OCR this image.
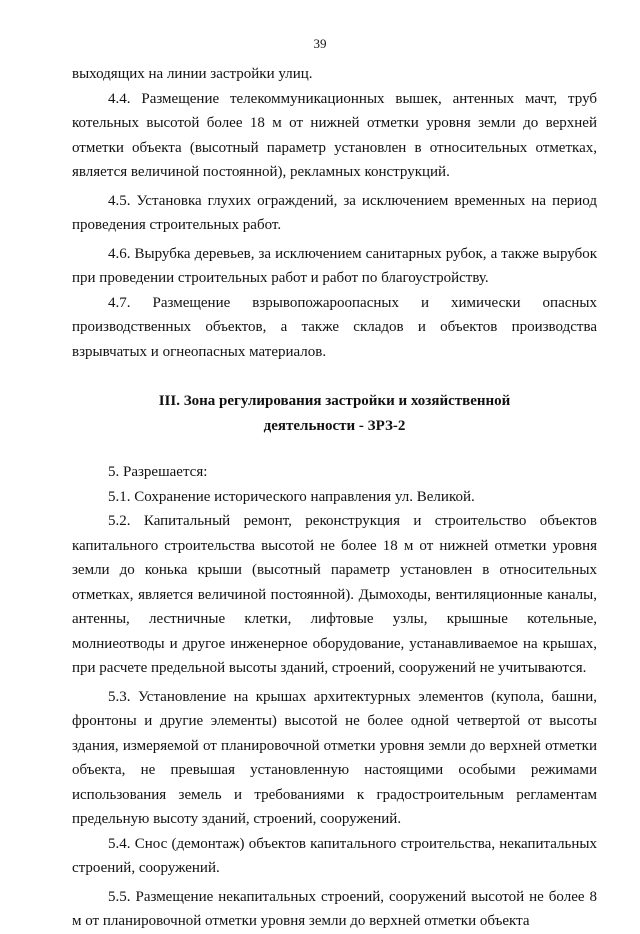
39

выходящих на линии застройки улиц.

4.4. Размещение телекоммуникационных вышек, антенных мачт, труб котельных высотой более 18 м от нижней отметки уровня земли до верхней отметки объекта (высотный параметр установлен в относительных отметках, является величиной постоянной), рекламных конструкций.

4.5. Установка глухих ограждений, за исключением временных на период проведения строительных работ.

4.6. Вырубка деревьев, за исключением санитарных рубок, а также вырубок при проведении строительных работ и работ по благоустройству.

4.7. Размещение взрывопожароопасных и химически опасных производственных объектов, а также складов и объектов производства взрывчатых и огнеопасных материалов.

III. Зона регулирования застройки и хозяйственной
деятельности - ЗРЗ-2

5. Разрешается:

5.1. Сохранение исторического направления ул. Великой.

5.2. Капитальный ремонт, реконструкция и строительство объектов капитального строительства высотой не более 18 м от нижней отметки уровня земли до конька крыши (высотный параметр установлен в относительных отметках, является величиной постоянной). Дымоходы, вентиляционные каналы, антенны, лестничные клетки, лифтовые узлы, крышные котельные, молниеотводы и другое инженерное оборудование, устанавливаемое на крышах, при расчете предельной высоты зданий, строений, сооружений не учитываются.

5.3. Установление на крышах архитектурных элементов (купола, башни, фронтоны и другие элементы) высотой не более одной четвертой от высоты здания, измеряемой от планировочной отметки уровня земли до верхней отметки объекта, не превышая установленную настоящими особыми режимами использования земель и требованиями к градостроительным регламентам предельную высоту зданий, строений, сооружений.

5.4. Снос (демонтаж) объектов капитального строительства, некапитальных строений, сооружений.

5.5. Размещение некапитальных строений, сооружений высотой не более 8 м от планировочной отметки уровня земли до верхней отметки объекта
